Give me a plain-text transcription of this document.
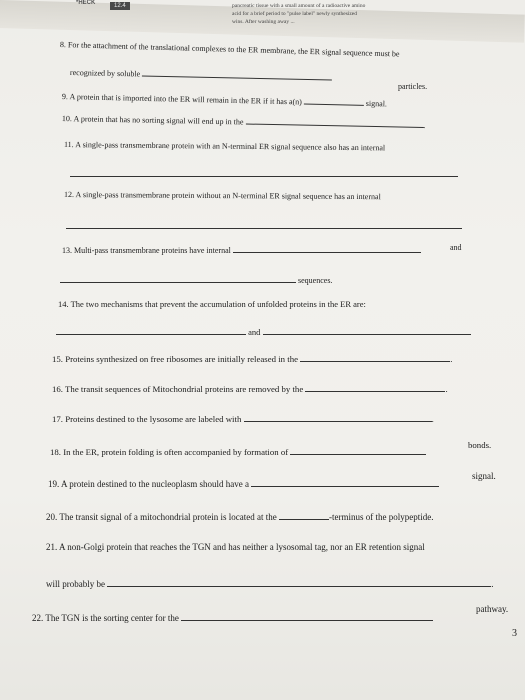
*HECK	12.4	pancreatic tissue with a small amount of a radioactive amino
acid for a brief period to "pulse label" newly synthesized
wins. After washing away ...
8. For the attachment of the translational complexes to the ER membrane, the ER signal sequence must be
recognized by soluble
particles.
9. A protein that is imported into the ER will remain in the ER if it has a(n)	signal.
10. A protein that has no sorting signal will end up in the	.
11. A single-pass transmembrane protein with an N-terminal ER signal sequence also has an internal
12. A single-pass transmembrane protein without an N-terminal ER signal sequence has an internal
13. Multi-pass transmembrane proteins have internal	and
sequences.
14. The two mechanisms that prevent the accumulation of unfolded proteins in the ER are:
and
15. Proteins synthesized on free ribosomes are initially released in the	.
16. The transit sequences of Mitochondrial proteins are removed by the	.
17. Proteins destined to the lysosome are labeled with	.
18. In the ER, protein folding is often accompanied by formation of
bonds.
19. A protein destined to the nucleoplasm should have a
signal.
20. The transit signal of a mitochondrial protein is located at the	-terminus of the polypeptide.
21. A non-Golgi protein that reaches the TGN and has neither a lysosomal tag, nor an ER retention signal
will probably be	.
22. The TGN is the sorting center for the
pathway.
3
